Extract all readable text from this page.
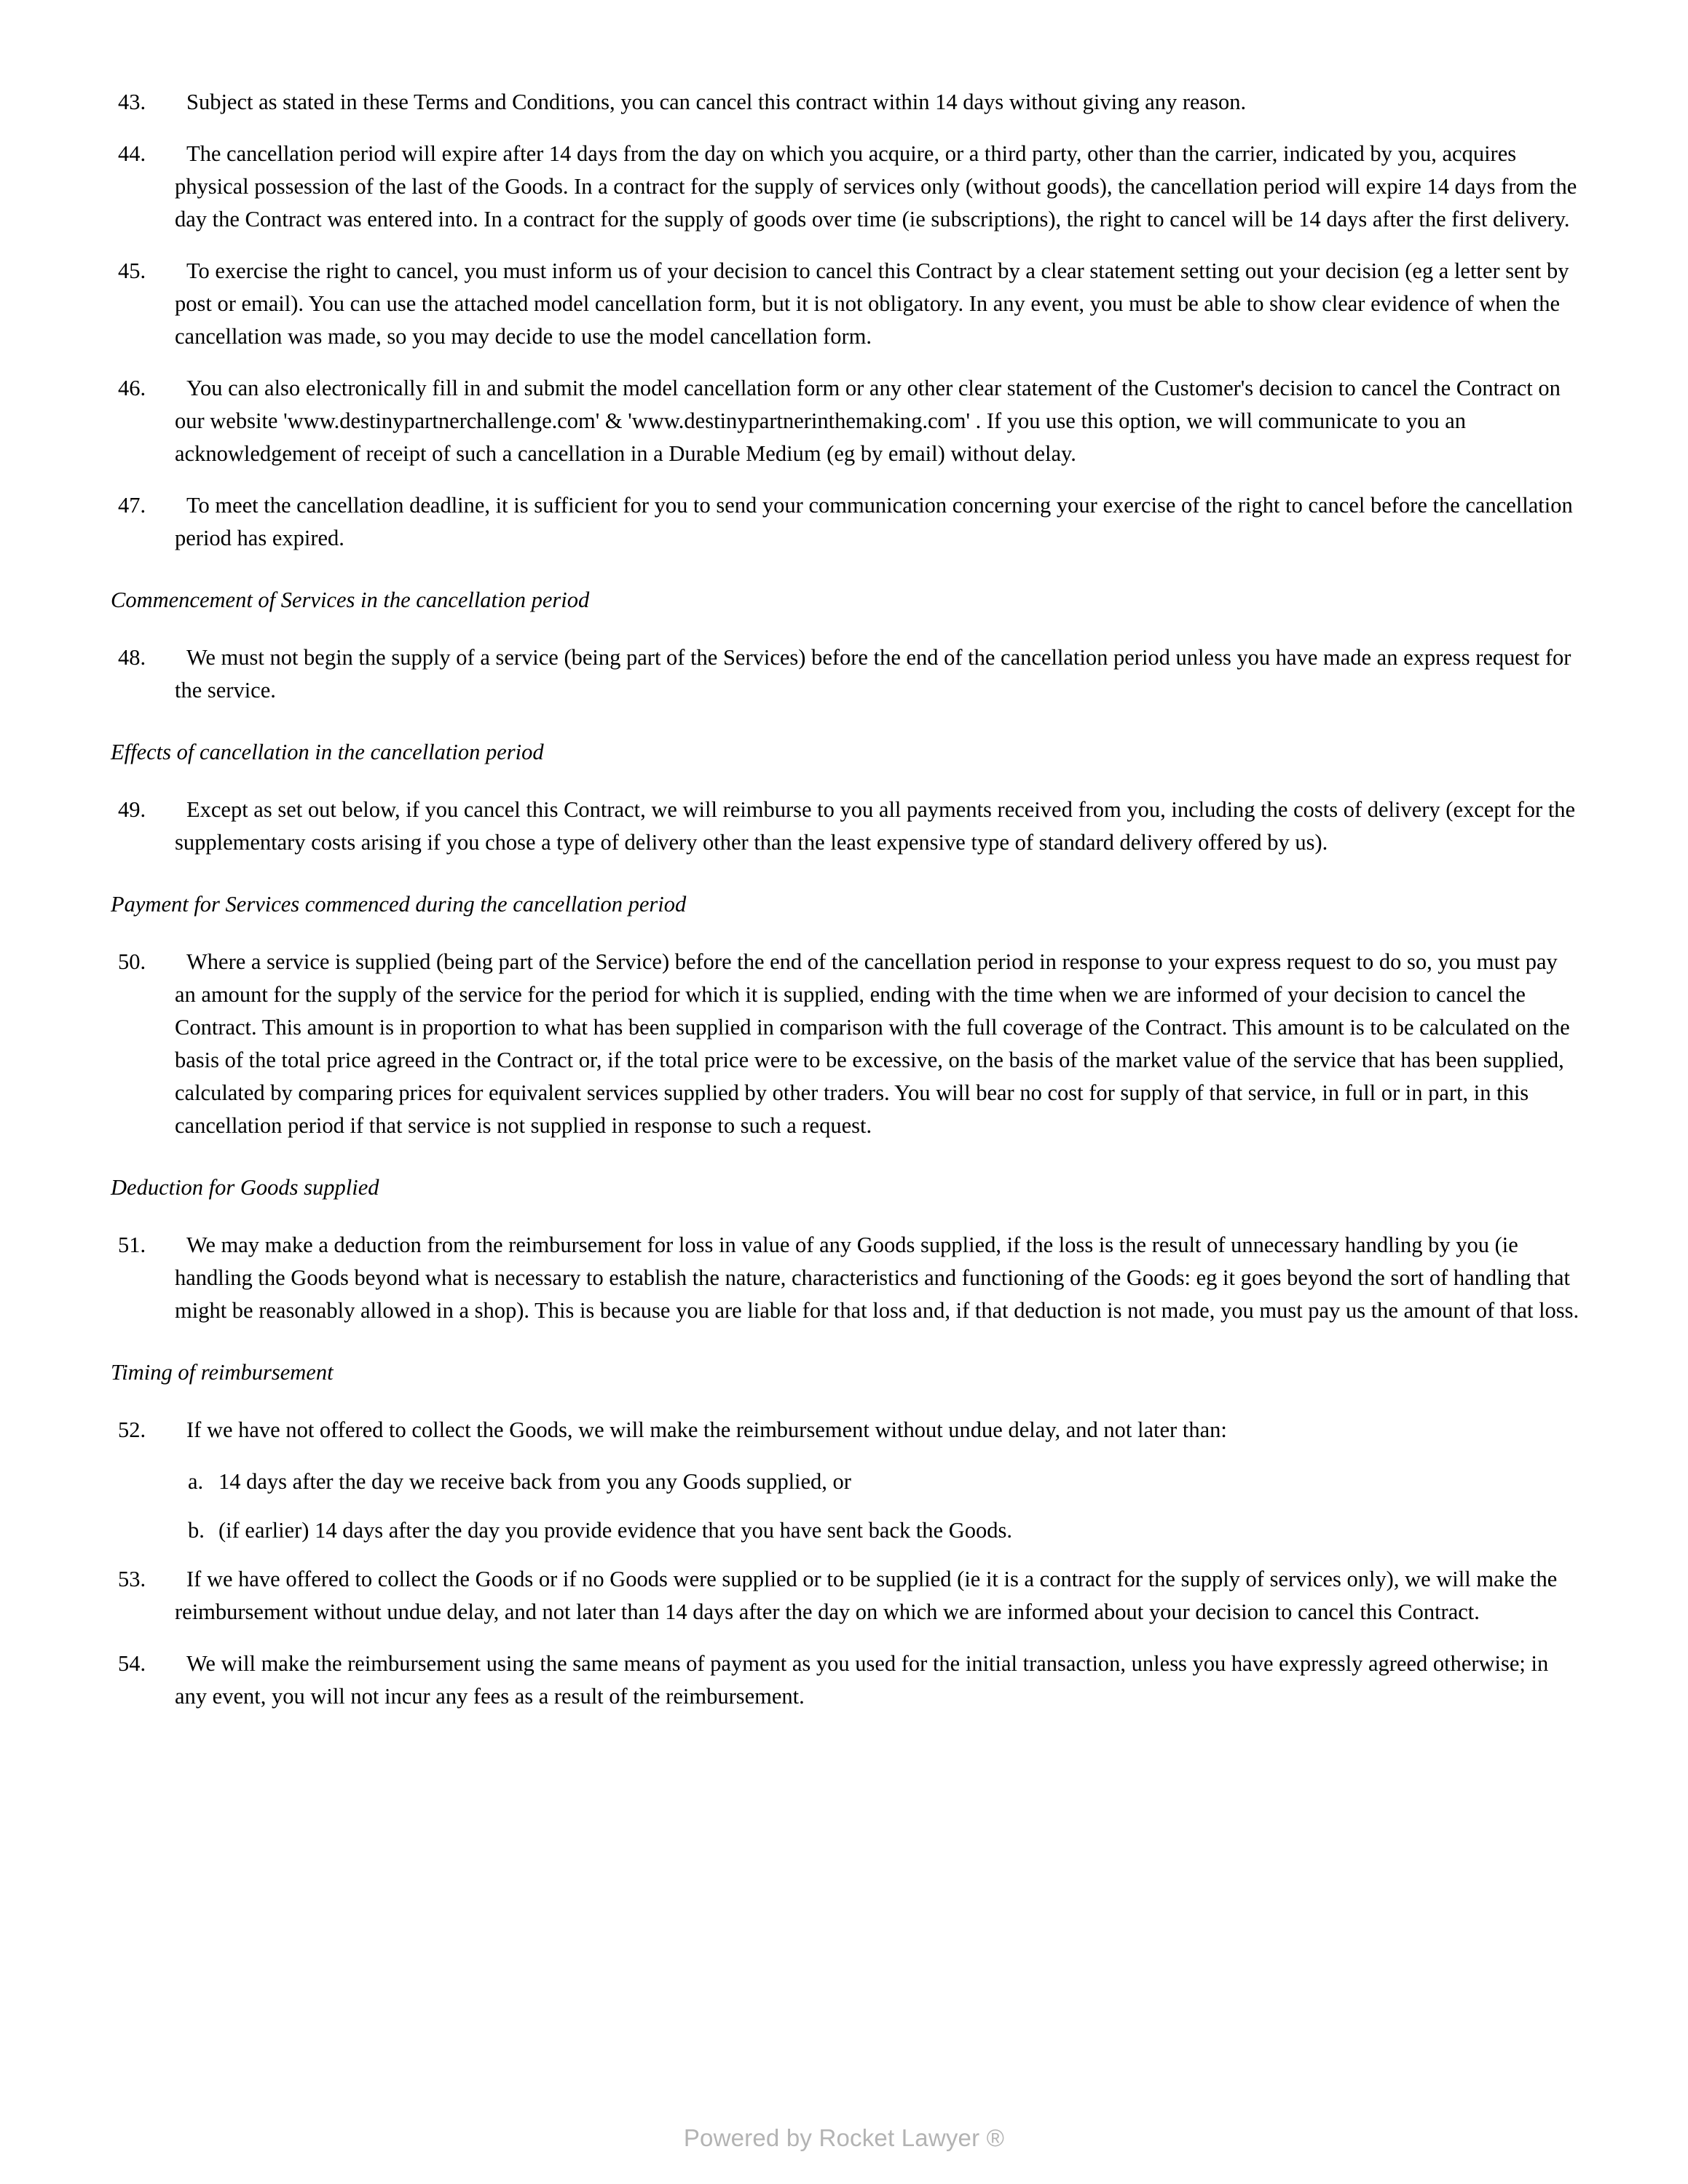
43.	Subject as stated in these Terms and Conditions, you can cancel this contract within 14 days without giving any reason.
44.	The cancellation period will expire after 14 days from the day on which you acquire, or a third party, other than the carrier, indicated by you, acquires physical possession of the last of the Goods. In a contract for the supply of services only (without goods), the cancellation period will expire 14 days from the day the Contract was entered into. In a contract for the supply of goods over time (ie subscriptions), the right to cancel will be 14 days after the first delivery.
45.	To exercise the right to cancel, you must inform us of your decision to cancel this Contract by a clear statement setting out your decision (eg a letter sent by post or email). You can use the attached model cancellation form, but it is not obligatory. In any event, you must be able to show clear evidence of when the cancellation was made, so you may decide to use the model cancellation form.
46.	You can also electronically fill in and submit the model cancellation form or any other clear statement of the Customer's decision to cancel the Contract on our website 'www.destinypartnerchallenge.com' & 'www.destinypartnerinthemaking.com' . If you use this option, we will communicate to you an acknowledgement of receipt of such a cancellation in a Durable Medium (eg by email) without delay.
47.	To meet the cancellation deadline, it is sufficient for you to send your communication concerning your exercise of the right to cancel before the cancellation period has expired.
Commencement of Services in the cancellation period
48.	We must not begin the supply of a service (being part of the Services) before the end of the cancellation period unless you have made an express request for the service.
Effects of cancellation in the cancellation period
49.	Except as set out below, if you cancel this Contract, we will reimburse to you all payments received from you, including the costs of delivery (except for the supplementary costs arising if you chose a type of delivery other than the least expensive type of standard delivery offered by us).
Payment for Services commenced during the cancellation period
50.	Where a service is supplied (being part of the Service) before the end of the cancellation period in response to your express request to do so, you must pay an amount for the supply of the service for the period for which it is supplied, ending with the time when we are informed of your decision to cancel the Contract. This amount is in proportion to what has been supplied in comparison with the full coverage of the Contract. This amount is to be calculated on the basis of the total price agreed in the Contract or, if the total price were to be excessive, on the basis of the market value of the service that has been supplied, calculated by comparing prices for equivalent services supplied by other traders. You will bear no cost for supply of that service, in full or in part, in this cancellation period if that service is not supplied in response to such a request.
Deduction for Goods supplied
51.	We may make a deduction from the reimbursement for loss in value of any Goods supplied, if the loss is the result of unnecessary handling by you (ie handling the Goods beyond what is necessary to establish the nature, characteristics and functioning of the Goods: eg it goes beyond the sort of handling that might be reasonably allowed in a shop). This is because you are liable for that loss and, if that deduction is not made, you must pay us the amount of that loss.
Timing of reimbursement
52.	If we have not offered to collect the Goods, we will make the reimbursement without undue delay, and not later than:
a. 14 days after the day we receive back from you any Goods supplied, or
b. (if earlier) 14 days after the day you provide evidence that you have sent back the Goods.
53.	If we have offered to collect the Goods or if no Goods were supplied or to be supplied (ie it is a contract for the supply of services only), we will make the reimbursement without undue delay, and not later than 14 days after the day on which we are informed about your decision to cancel this Contract.
54.	We will make the reimbursement using the same means of payment as you used for the initial transaction, unless you have expressly agreed otherwise; in any event, you will not incur any fees as a result of the reimbursement.
Powered by Rocket Lawyer ®
